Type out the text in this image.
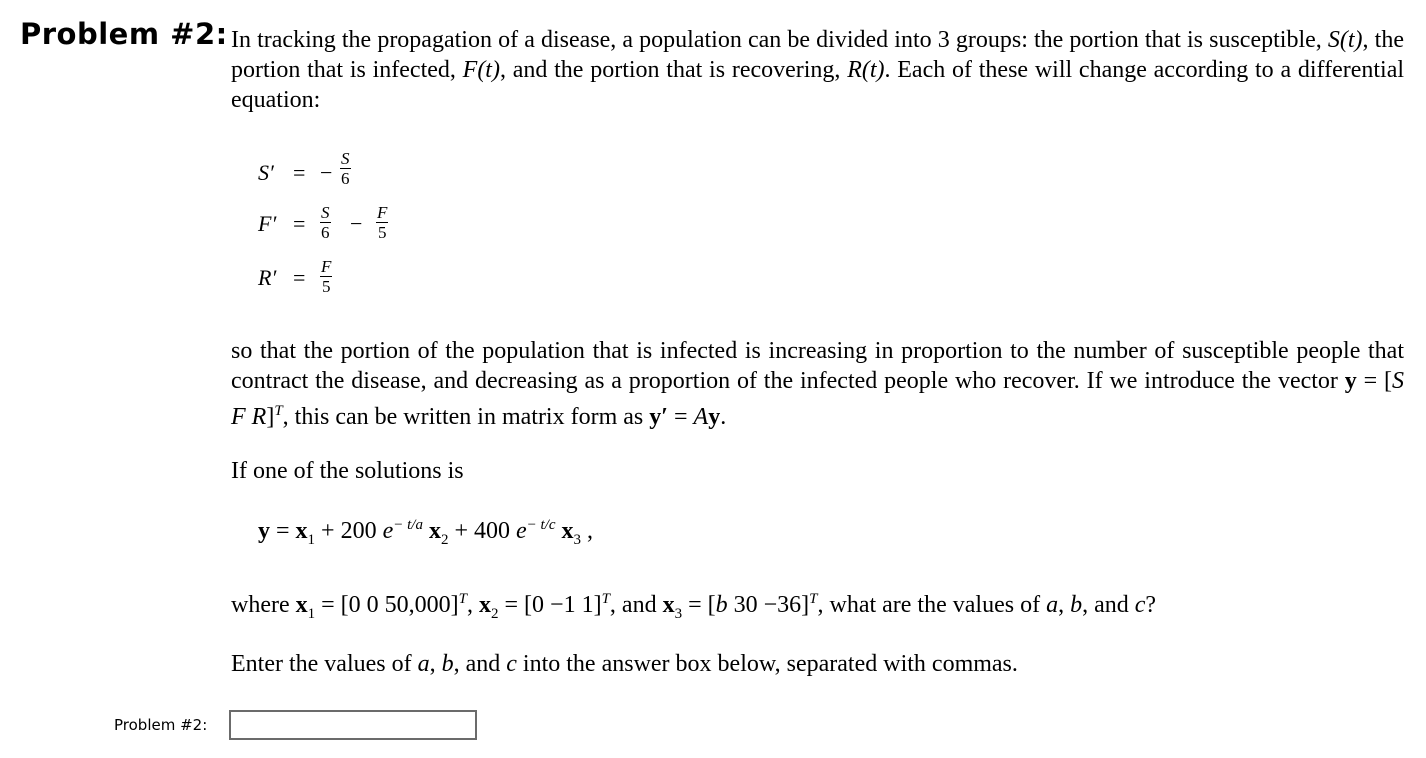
Problem #2: In tracking the propagation of a disease, a population can be divided into 3 groups: the portion that is susceptible, S(t), the portion that is infected, F(t), and the portion that is recovering, R(t). Each of these will change according to a differential equation:
S′ = − $\frac{S}{6}$
$F' = \frac{S}{6} - \frac{F}{5}$
$R' = \frac{F}{5}$
so that the portion of the population that is infected is increasing in proportion to the number of susceptible people that contract the disease, and decreasing as a proportion of the infected people who recover. If we introduce the vector y = [S F R]$^T$, this can be written in matrix form as y′ = Ay.
If one of the solutions is
$y = x_1 + 200$ $e^{- t/a}$ $x_2 + 400$ $e^{- t/c}$ $x_3$ ,
where $x_1 = [0$ 0 50,000]$^T$, $x_2 = [0 -1$ 1]$^T$, and $x_3 = [b$ 30 −36]$^T$, what are the values of a, b, and c?
Enter the values of a, b, and c into the answer box below, separated with commas.
Problem #2:
